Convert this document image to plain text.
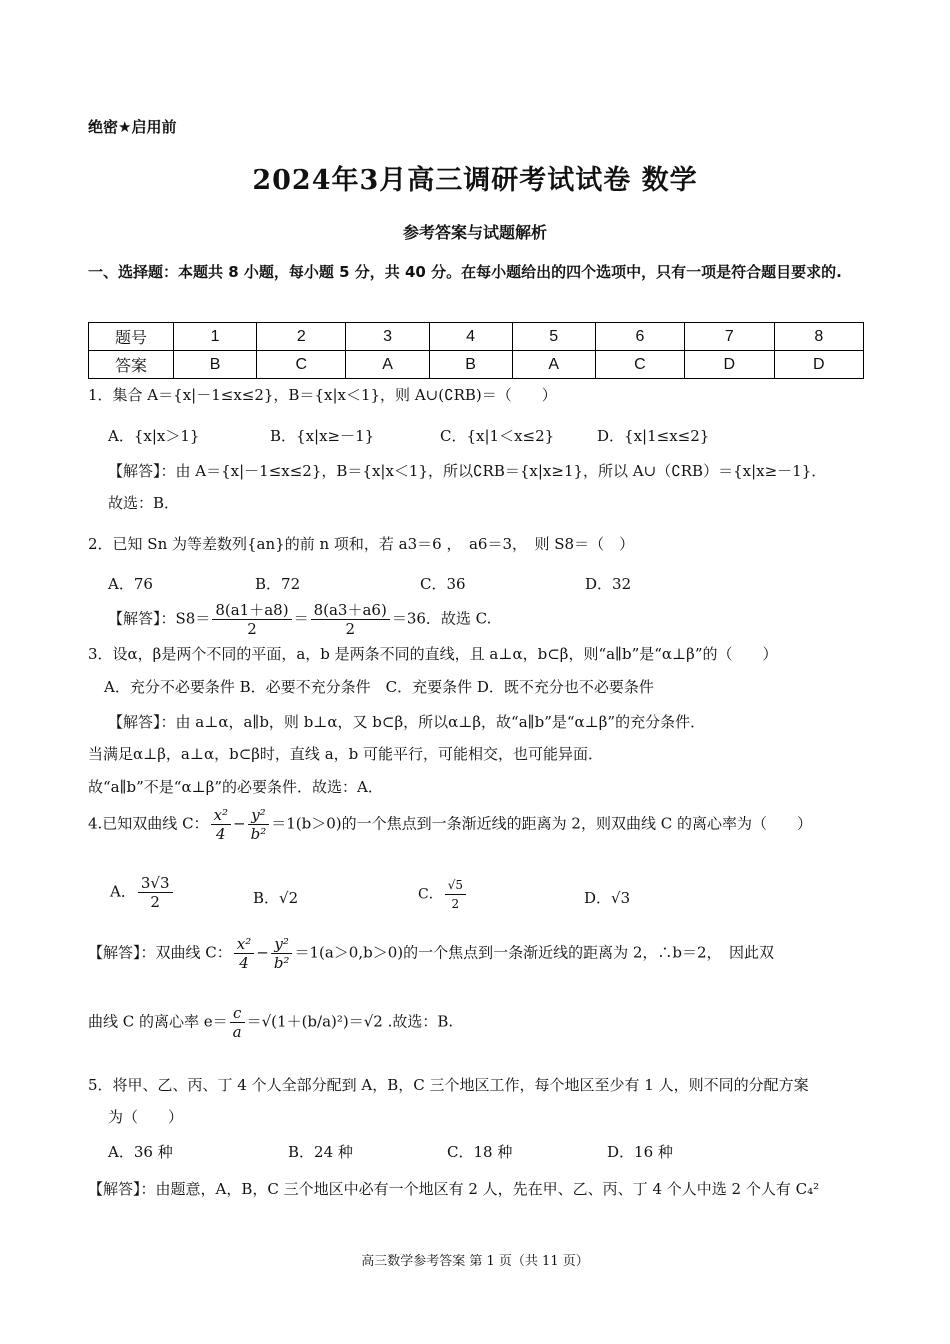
绝密★启用前
2024年3月高三调研考试试卷 数学
参考答案与试题解析
一、选择题：本题共 8 小题，每小题 5 分，共 40 分。在每小题给出的四个选项中，只有一项是符合题目要求的.
题号	1	2	3	4	5	6	7	8
答案	B	C	A	B	A	C	D	D
1．集合 A＝{x|－1≤x≤2}，B＝{x|x＜1}，则 A∪(∁RB)＝（　　）
A．{x|x＞1}	B．{x|x≥－1}	C．{x|1＜x≤2}	D．{x|1≤x≤2}
【解答】：由 A＝{x|－1≤x≤2}，B＝{x|x＜1}，所以∁RB＝{x|x≥1}，所以 A∪（∁RB）＝{x|x≥－1}．
故选：B．
2．已知 Sn 为等差数列{an}的前 n 项和，若 a3＝6 ，　a6＝3，　则 S8＝（　）
A．76	B．72	C．36	D．32
【解答】：$S8= \frac{8(a1+a8)}{2} = \frac{8(a3+a6)}{2} =36$．故选 C.
3．设α，β是两个不同的平面，a，b 是两条不同的直线，且 a⊥α，b⊂β，则“a∥b”是“α⊥β”的（　　）
A．充分不必要条件 B．必要不充分条件　C．充要条件 D．既不充分也不必要条件
【解答】：由 a⊥α，a∥b，则 b⊥α，又 b⊂β，所以α⊥β，故“a∥b”是“α⊥β”的充分条件．
当满足α⊥β，a⊥α，b⊂β时，直线 a，b 可能平行，可能相交，也可能异面．
故“a∥b”不是“α⊥β”的必要条件．故选：A．
4.已知双曲线 C： $\frac{\text{x²}}{4} - \frac{\text{y²}}{\text{b²}} =1(b>0)$的一个焦点到一条渐近线的距离为 2，则双曲线 C 的离心率为（　　）
A． $\frac{3√3}{2}$	B．√2	C． $\frac{√5}{2}$	D．√3
【解答】：双曲线 C： $\frac{\text{x²}}{4} - \frac{\text{y²}}{\text{b²}} =1(a>0,b>0)$的一个焦点到一条渐近线的距离为 2，∴b＝2，　因此双
曲线 C 的离心率 $e= \frac{c}{a} =√(1+(b/a)^2)=√2$ .故选：B.
5．将甲、乙、丙、丁 4 个人全部分配到 A，B，C 三个地区工作，每个地区至少有 1 人，则不同的分配方案
为（　　）
A．36 种	B．24 种	C．18 种	D．16 种
【解答】：由题意，A，B，C 三个地区中必有一个地区有 2 人，先在甲、乙、丙、丁 4 个人中选 2 个人有 C₄²
高三数学参考答案 第 1 页（共 11 页）
